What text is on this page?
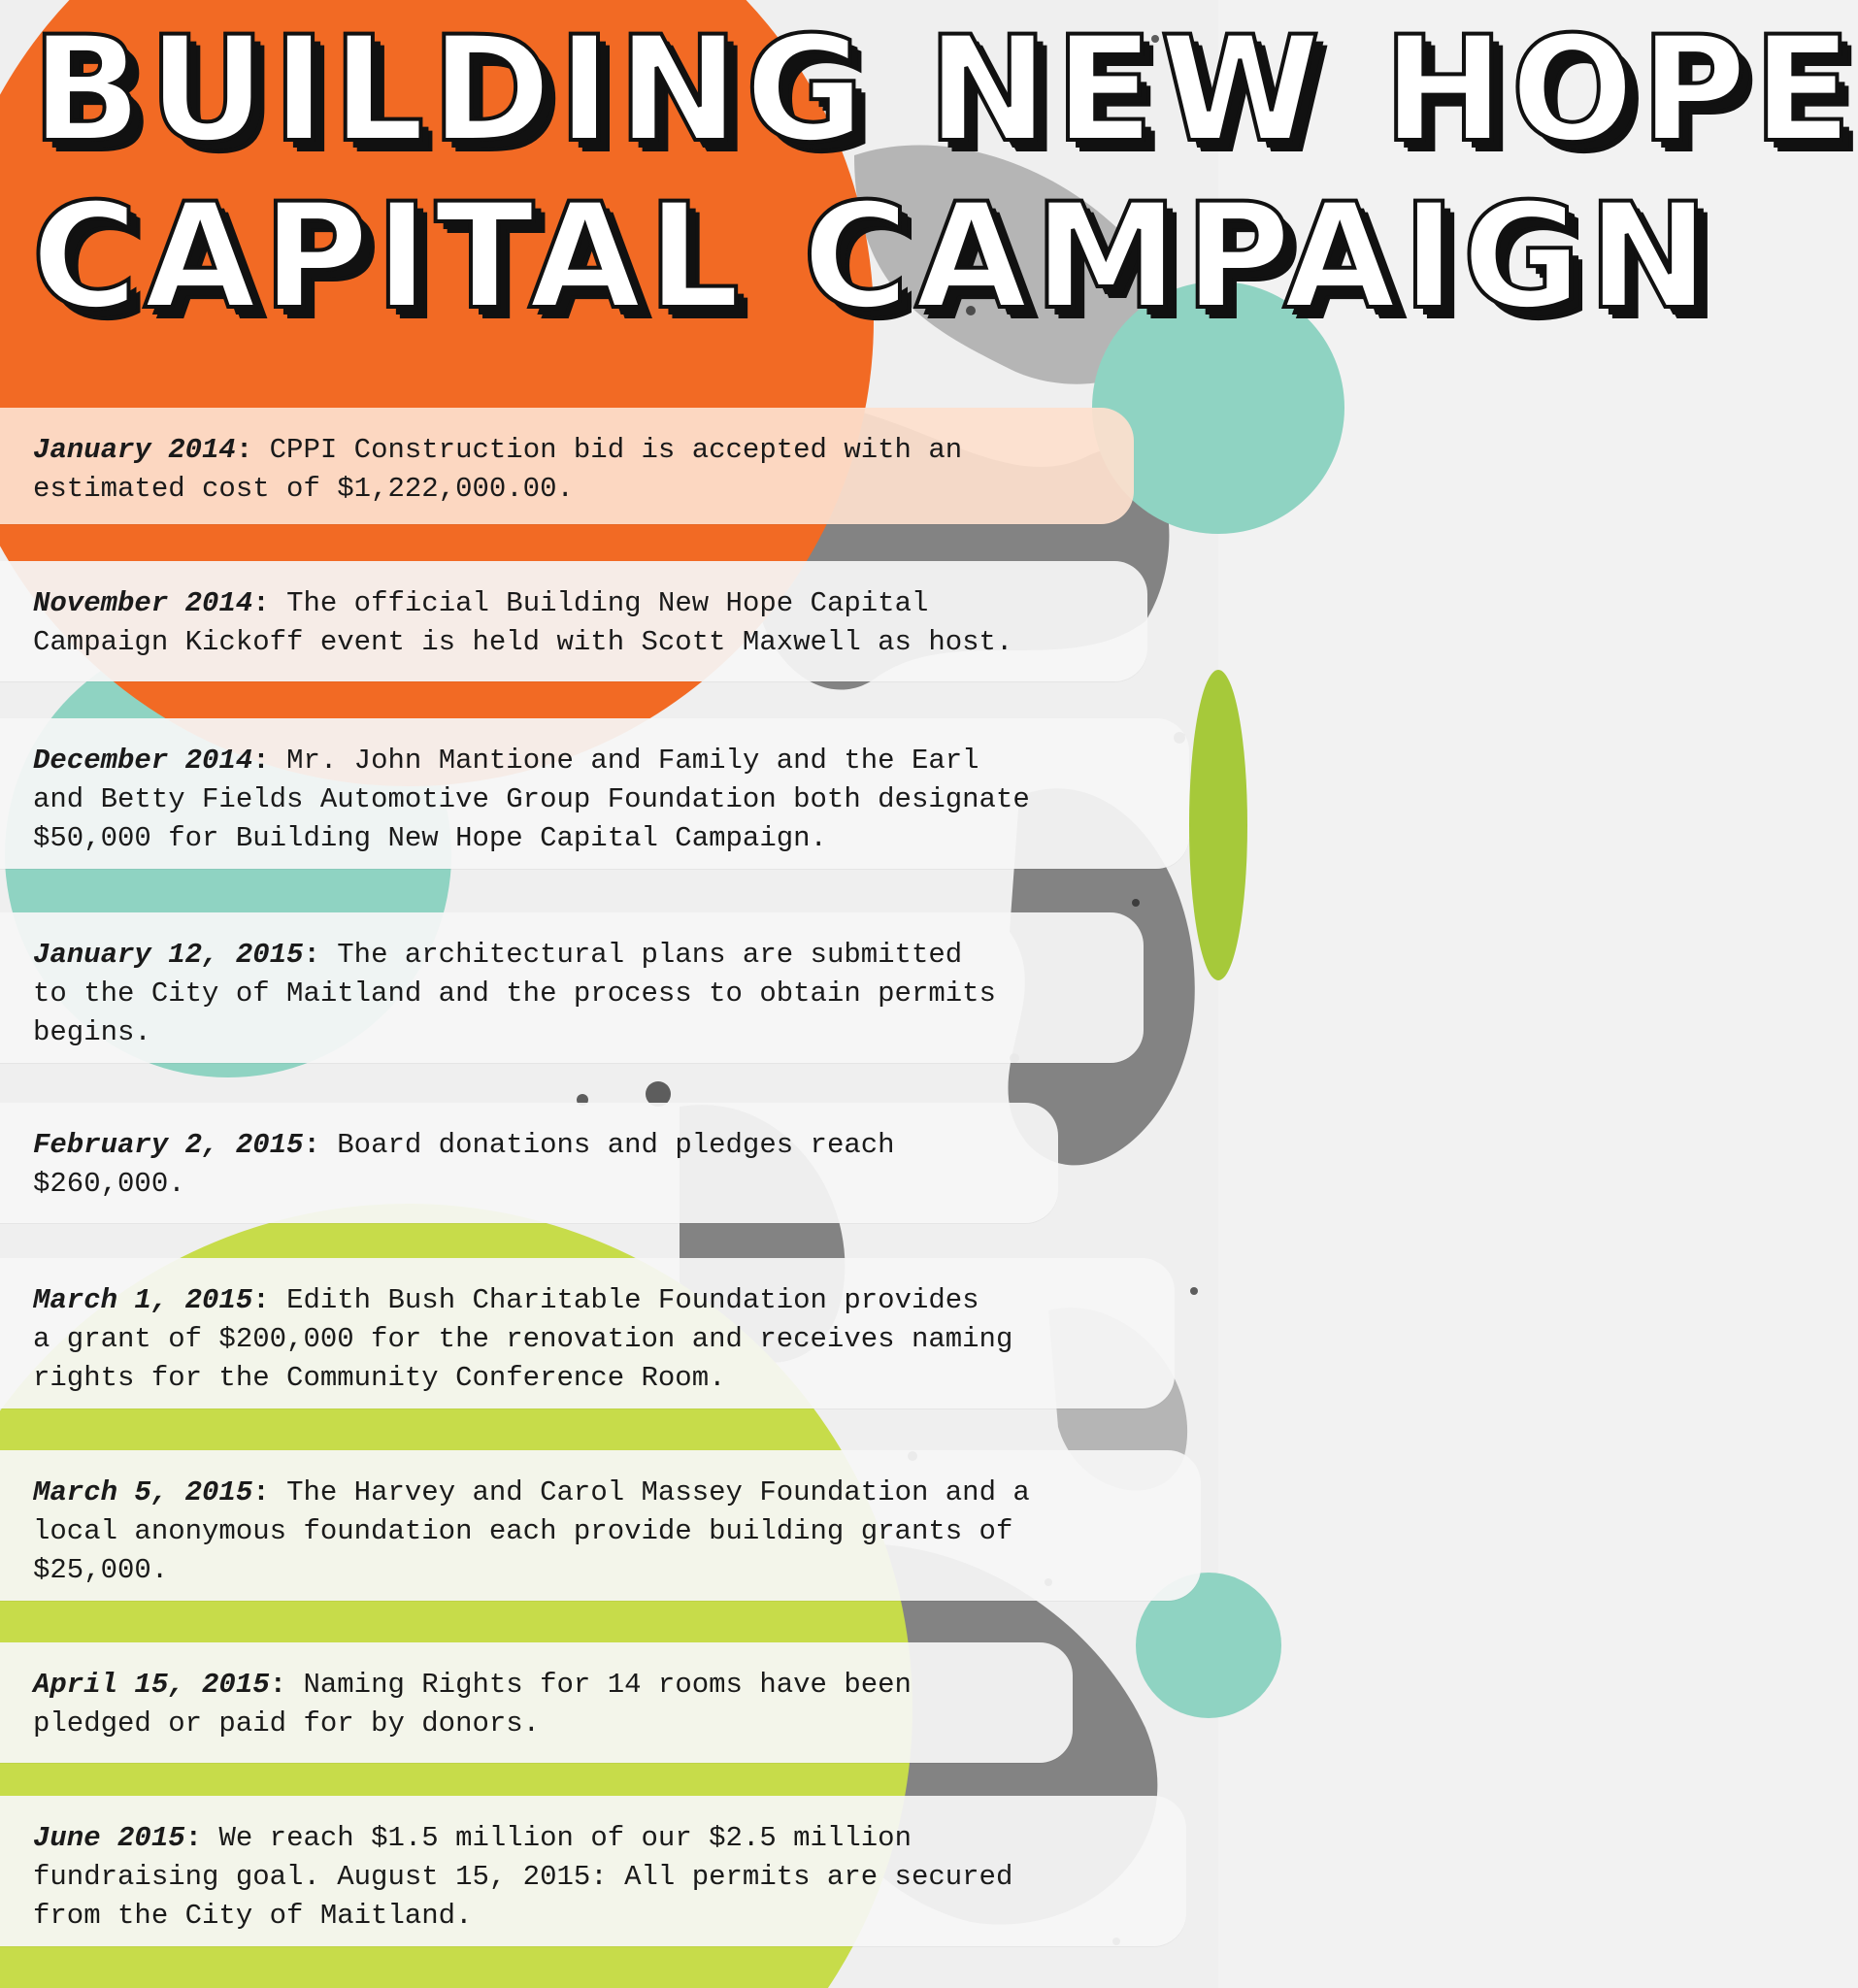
BUILDING NEW HOPE
CAPITAL CAMPAIGN
January 2014: CPPI Construction bid is accepted with an
estimated cost of $1,222,000.00.
November 2014: The official Building New Hope Capital
Campaign Kickoff event is held with Scott Maxwell as host.
December 2014: Mr. John Mantione and Family and the Earl
and Betty Fields Automotive Group Foundation both designate
$50,000 for Building New Hope Capital Campaign.
January 12, 2015: The architectural plans are submitted
to the City of Maitland and the process to obtain permits
begins.
February 2, 2015: Board donations and pledges reach
$260,000.
March 1, 2015: Edith Bush Charitable Foundation provides
a grant of $200,000 for the renovation and receives naming
rights for the Community Conference Room.
March 5, 2015: The Harvey and Carol Massey Foundation and a
local anonymous foundation each provide building grants of
$25,000.
April 15, 2015: Naming Rights for 14 rooms have been
pledged or paid for by donors.
June 2015: We reach $1.5 million of our $2.5 million
fundraising goal. August 15, 2015: All permits are secured
from the City of Maitland.
